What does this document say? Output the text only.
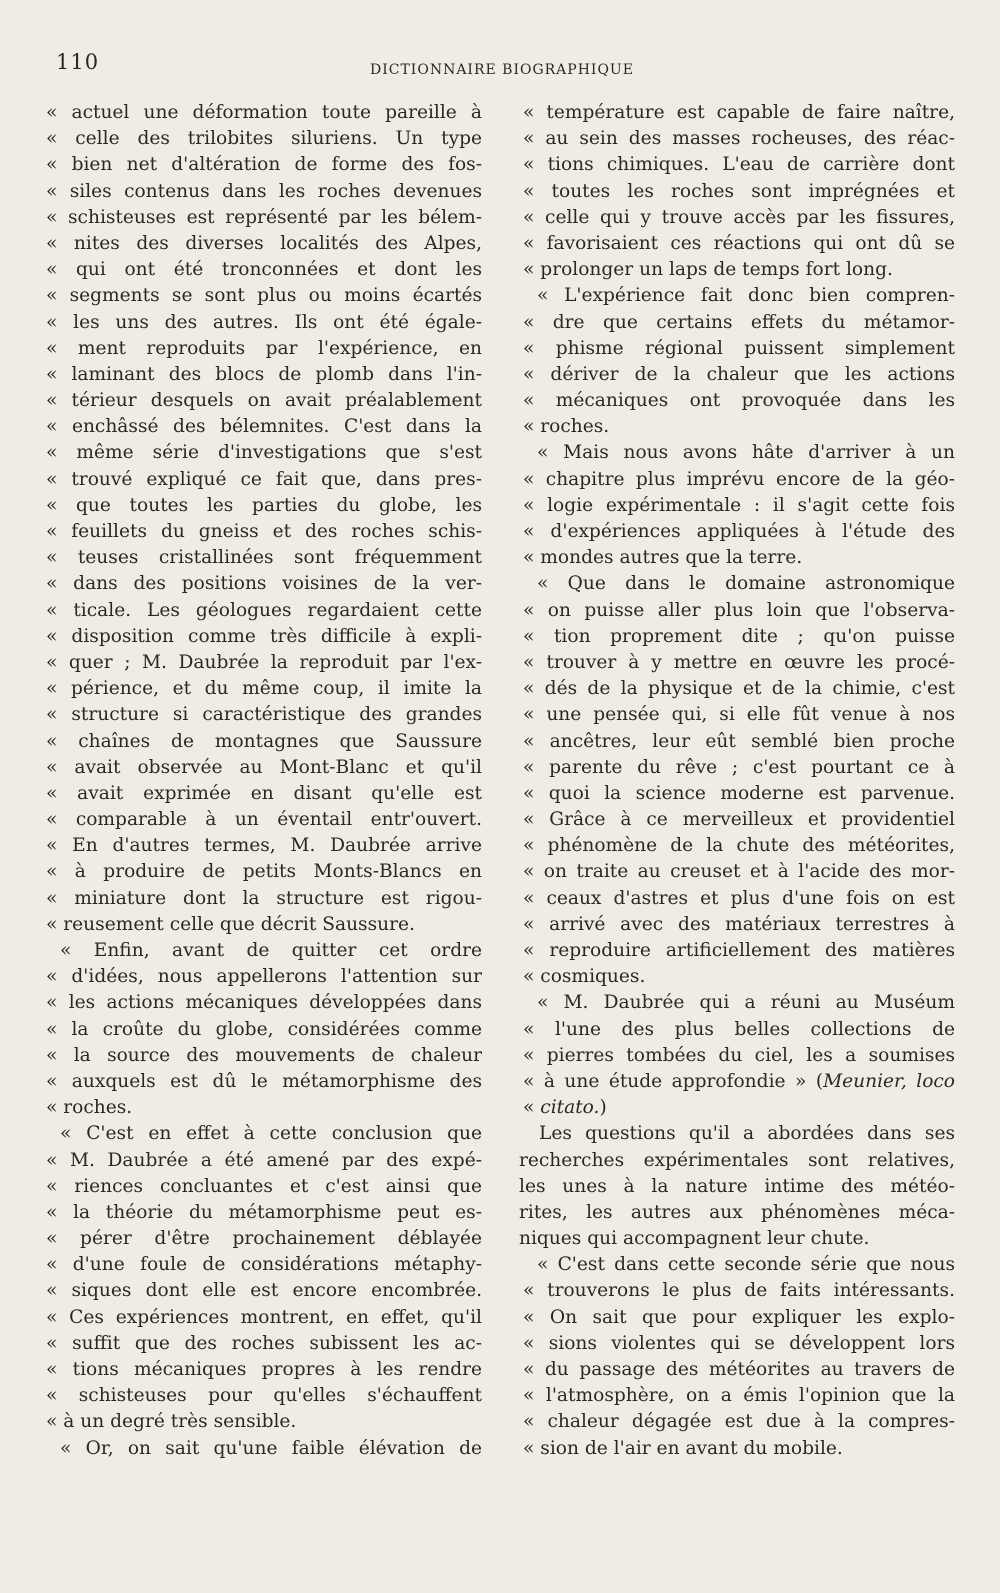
110	DICTIONNAIRE BIOGRAPHIQUE
« actuel une déformation toute pareille à
« celle des trilobites siluriens. Un type
« bien net d'altération de forme des fos-
« siles contenus dans les roches devenues
« schisteuses est représenté par les bélem-
« nites des diverses localités des Alpes,
« qui ont été tronconnées et dont les
« segments se sont plus ou moins écartés
« les uns des autres. Ils ont été égale-
« ment reproduits par l'expérience, en
« laminant des blocs de plomb dans l'in-
« térieur desquels on avait préalablement
« enchâssé des bélemnites. C'est dans la
« même série d'investigations que s'est
« trouvé expliqué ce fait que, dans pres-
« que toutes les parties du globe, les
« feuillets du gneiss et des roches schis-
« teuses cristallinées sont fréquemment
« dans des positions voisines de la ver-
« ticale. Les géologues regardaient cette
« disposition comme très difficile à expli-
« quer ; M. Daubrée la reproduit par l'ex-
« périence, et du même coup, il imite la
« structure si caractéristique des grandes
« chaînes de montagnes que Saussure
« avait observée au Mont-Blanc et qu'il
« avait exprimée en disant qu'elle est
« comparable à un éventail entr'ouvert.
« En d'autres termes, M. Daubrée arrive
« à produire de petits Monts-Blancs en
« miniature dont la structure est rigou-
« reusement celle que décrit Saussure.
« Enfin, avant de quitter cet ordre
« d'idées, nous appellerons l'attention sur
« les actions mécaniques développées dans
« la croûte du globe, considérées comme
« la source des mouvements de chaleur
« auxquels est dû le métamorphisme des
« roches.
« C'est en effet à cette conclusion que
« M. Daubrée a été amené par des expé-
« riences concluantes et c'est ainsi que
« la théorie du métamorphisme peut es-
« pérer d'être prochainement déblayée
« d'une foule de considérations métaphy-
« siques dont elle est encore encombrée.
« Ces expériences montrent, en effet, qu'il
« suffit que des roches subissent les ac-
« tions mécaniques propres à les rendre
« schisteuses pour qu'elles s'échauffent
« à un degré très sensible.
« Or, on sait qu'une faible élévation de
« température est capable de faire naître,
« au sein des masses rocheuses, des réac-
« tions chimiques. L'eau de carrière dont
« toutes les roches sont imprégnées et
« celle qui y trouve accès par les fissures,
« favorisaient ces réactions qui ont dû se
« prolonger un laps de temps fort long.
« L'expérience fait donc bien compren-
« dre que certains effets du métamor-
« phisme régional puissent simplement
« dériver de la chaleur que les actions
« mécaniques ont provoquée dans les
« roches.
« Mais nous avons hâte d'arriver à un
« chapitre plus imprévu encore de la géo-
« logie expérimentale : il s'agit cette fois
« d'expériences appliquées à l'étude des
« mondes autres que la terre.
« Que dans le domaine astronomique
« on puisse aller plus loin que l'observa-
« tion proprement dite ; qu'on puisse
« trouver à y mettre en œuvre les procé-
« dés de la physique et de la chimie, c'est
« une pensée qui, si elle fût venue à nos
« ancêtres, leur eût semblé bien proche
« parente du rêve ; c'est pourtant ce à
« quoi la science moderne est parvenue.
« Grâce à ce merveilleux et providentiel
« phénomène de la chute des météorites,
« on traite au creuset et à l'acide des mor-
« ceaux d'astres et plus d'une fois on est
« arrivé avec des matériaux terrestres à
« reproduire artificiellement des matières
« cosmiques.
« M. Daubrée qui a réuni au Muséum
« l'une des plus belles collections de
« pierres tombées du ciel, les a soumises
« à une étude approfondie » (Meunier, loco
« citato.)
Les questions qu'il a abordées dans ses
recherches expérimentales sont relatives,
les unes à la nature intime des météo-
rites, les autres aux phénomènes méca-
niques qui accompagnent leur chute.
« C'est dans cette seconde série que nous
« trouverons le plus de faits intéressants.
« On sait que pour expliquer les explo-
« sions violentes qui se développent lors
« du passage des météorites au travers de
« l'atmosphère, on a émis l'opinion que la
« chaleur dégagée est due à la compres-
« sion de l'air en avant du mobile.
